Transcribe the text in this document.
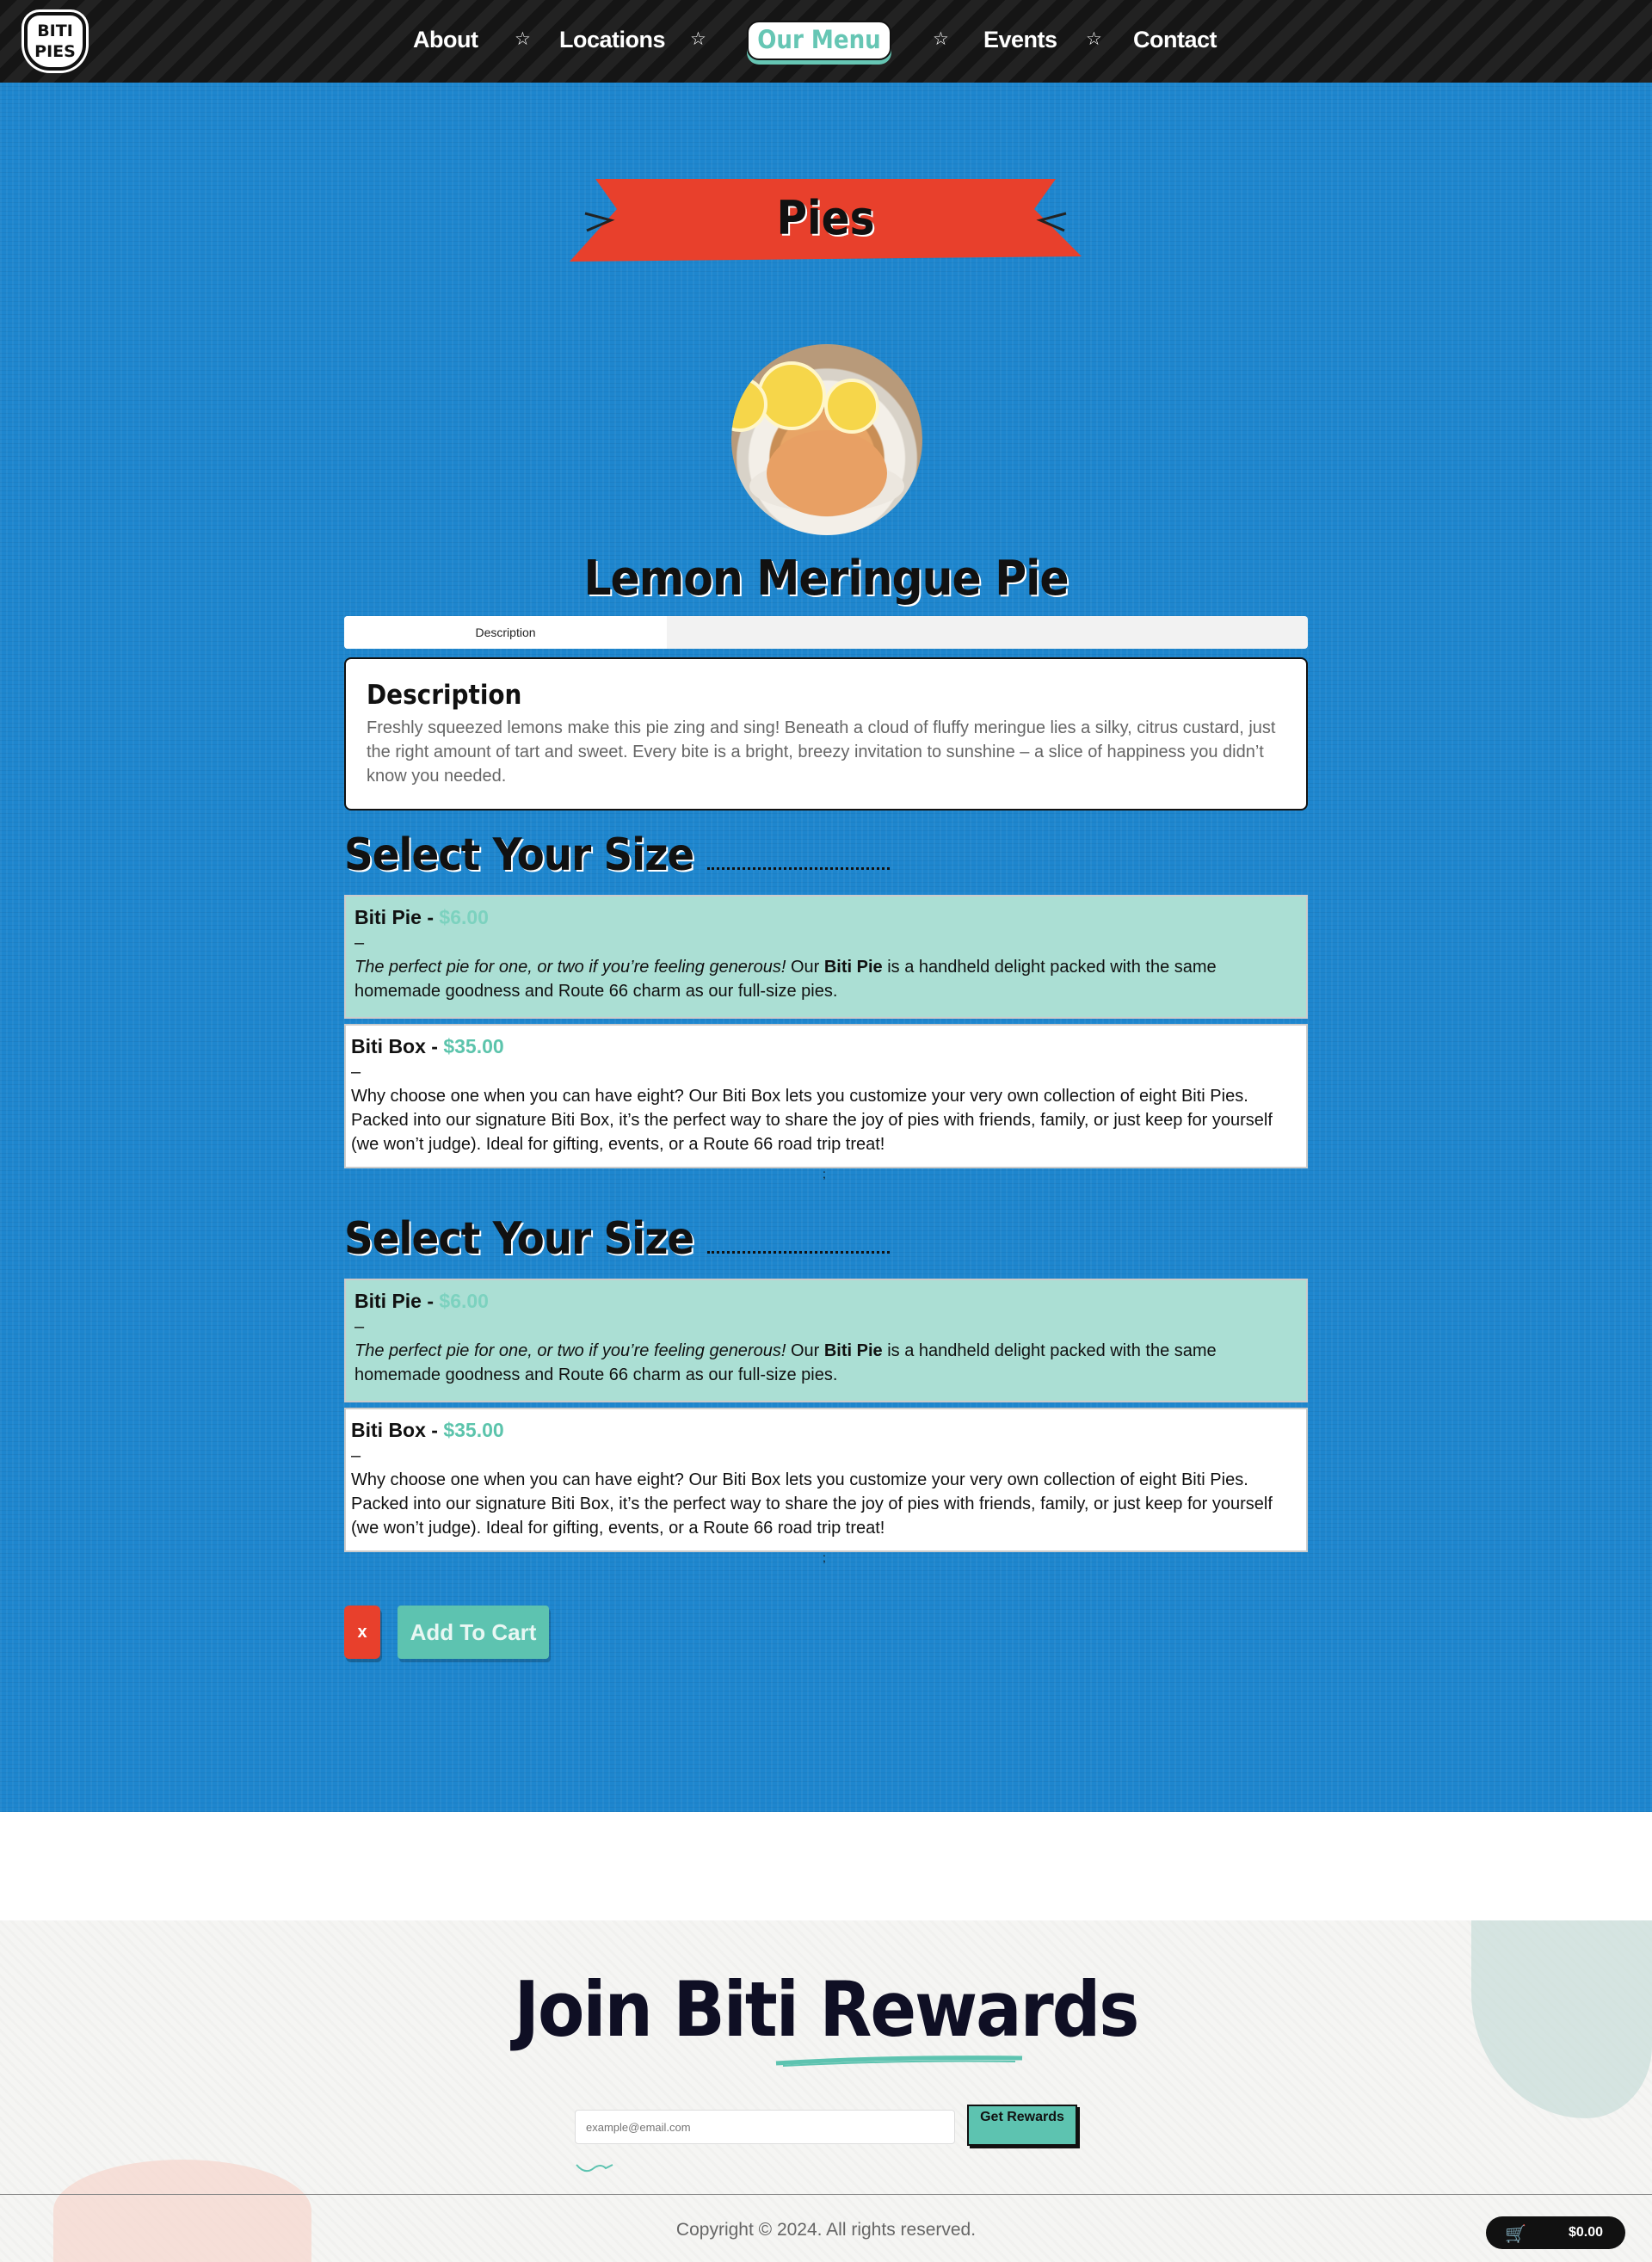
BITI
PIES	About ☆ Locations ☆	Our Menu	☆ Events ☆ Contact
Pies
Lemon Meringue Pie
Description
Description
Freshly squeezed lemons make this pie zing and sing! Beneath a cloud of fluffy meringue lies a silky, citrus custard, just the right amount of tart and sweet. Every bite is a bright, breezy invitation to sunshine – a slice of happiness you didn’t know you needed.
Select Your Size
Biti Pie - $6.00
–
The perfect pie for one, or two if you’re feeling generous! Our Biti Pie is a handheld delight packed with the same homemade goodness and Route 66 charm as our full-size pies.
Biti Box - $35.00
–
Why choose one when you can have eight? Our Biti Box lets you customize your very own collection of eight Biti Pies. Packed into our signature Biti Box, it’s the perfect way to share the joy of pies with friends, family, or just keep for yourself (we won’t judge). Ideal for gifting, events, or a Route 66 road trip treat!
;
Select Your Size
Biti Pie - $6.00
–
The perfect pie for one, or two if you’re feeling generous! Our Biti Pie is a handheld delight packed with the same homemade goodness and Route 66 charm as our full-size pies.
Biti Box - $35.00
–
Why choose one when you can have eight? Our Biti Box lets you customize your very own collection of eight Biti Pies. Packed into our signature Biti Box, it’s the perfect way to share the joy of pies with friends, family, or just keep for yourself (we won’t judge). Ideal for gifting, events, or a Route 66 road trip treat!
;
x	Add To Cart
Join Biti Rewards
example@email.com
Get Rewards
Copyright © 2024. All rights reserved.	🛒	$0.00
